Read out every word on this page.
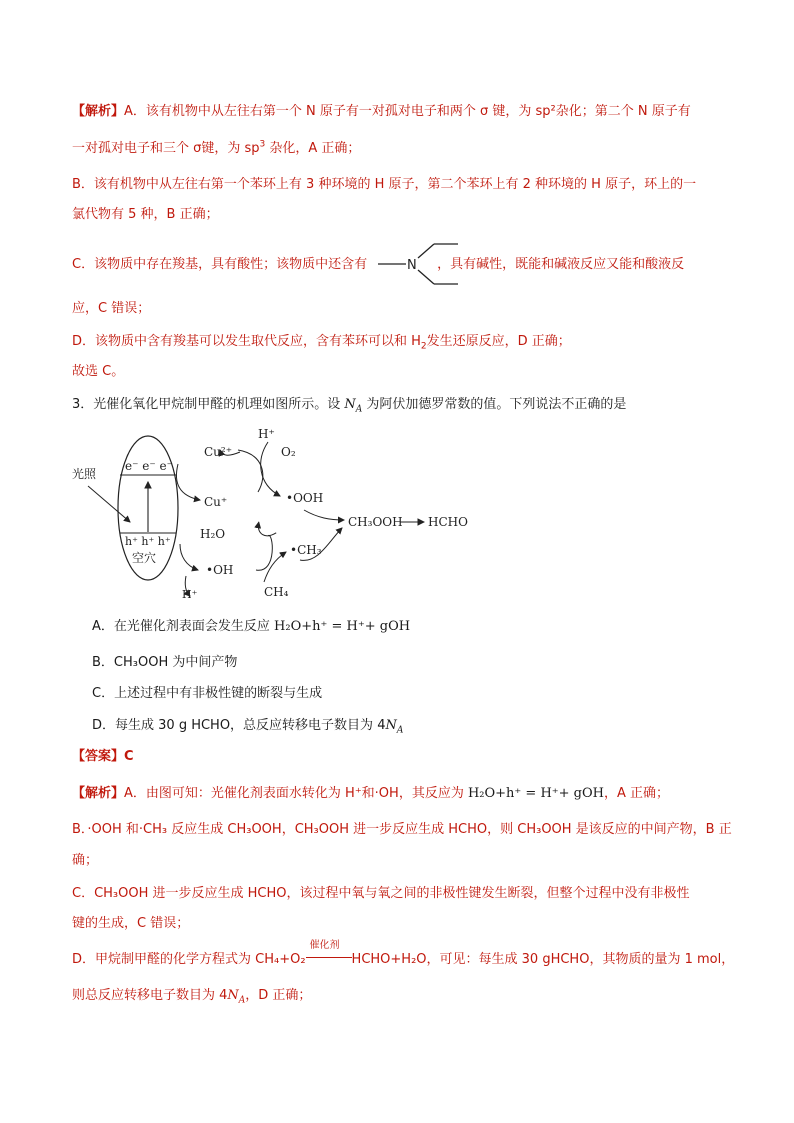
【解析】A．该有机物中从左往右第一个 N 原子有一对孤对电子和两个 σ 键，为 sp²杂化；第二个 N 原子有
一对孤对电子和三个 σ键，为 $sp^3$ 杂化，A 正确；
B．该有机物中从左往右第一个苯环上有 3 种环境的 H 原子，第二个苯环上有 2 种环境的 H 原子，环上的一
氯代物有 5 种，B 正确；
C．该物质中存在羧基，具有酸性；该物质中还含有	，具有碱性，既能和碱液反应又能和酸液反
N
应，C 错误；
D．该物质中含有羧基可以发生取代反应，含有苯环可以和 $H_2$发生还原反应，D 正确；
故选 C。
3．光催化氧化甲烷制甲醛的机理如图所示。设 $N_A$ 为阿伏加德罗常数的值。下列说法不正确的是
e⁻ e⁻ e⁻
h⁺ h⁺ h⁺
空穴
光照
Cu²⁺
Cu⁺
H⁺
O₂
•OOH
CH₃OOH HCHO
H₂O
•OH
H⁺
•CH₃
CH₄
A．在光催化剂表面会发生反应 H₂O+h⁺ = H⁺+ gOH
B．CH₃OOH 为中间产物
C．上述过程中有非极性键的断裂与生成
D．每生成 30 g HCHO，总反应转移电子数目为 $4N_A$
【答案】C
【解析】A．由图可知：光催化剂表面水转化为 H⁺和·OH，其反应为 H₂O+h⁺ = H⁺+ gOH，A 正确；
B．·OOH 和·CH₃ 反应生成 CH₃OOH，CH₃OOH 进一步反应生成 HCHO，则 CH₃OOH 是该反应的中间产物，B 正
确；
C．CH₃OOH 进一步反应生成 HCHO，该过程中氧与氧之间的非极性键发生断裂，但整个过程中没有非极性
键的生成，C 错误；
D．甲烷制甲醛的化学方程式为 CH₄+O₂
催化剂
HCHO+H₂O，可见：每生成 30 gHCHO，其物质的量为 1 mol，
则总反应转移电子数目为 $4N_A$，D 正确；
